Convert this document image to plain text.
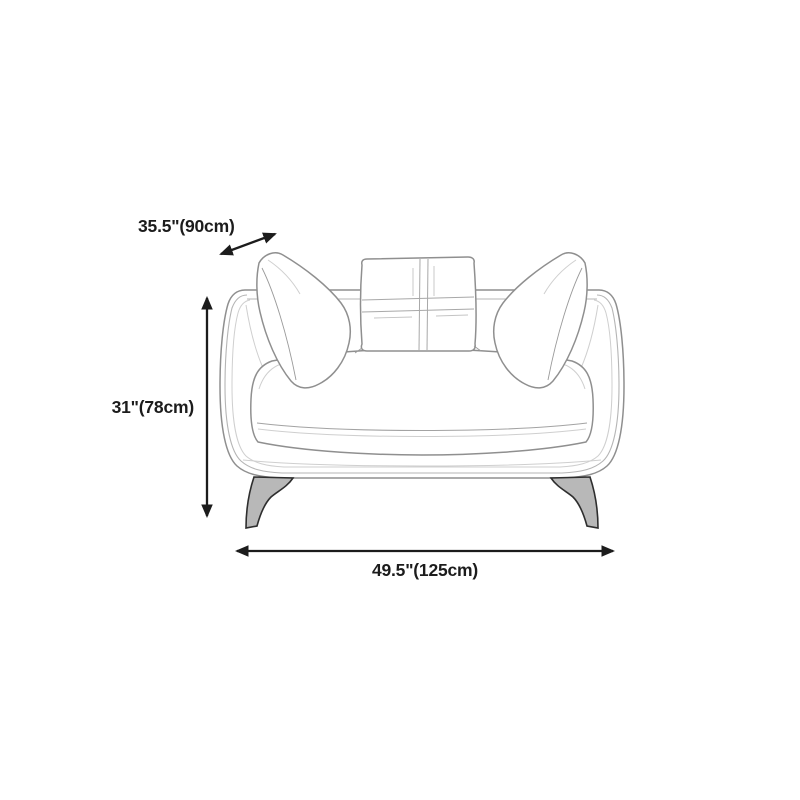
35.5"(90cm)
31"(78cm)
49.5"(125cm)
